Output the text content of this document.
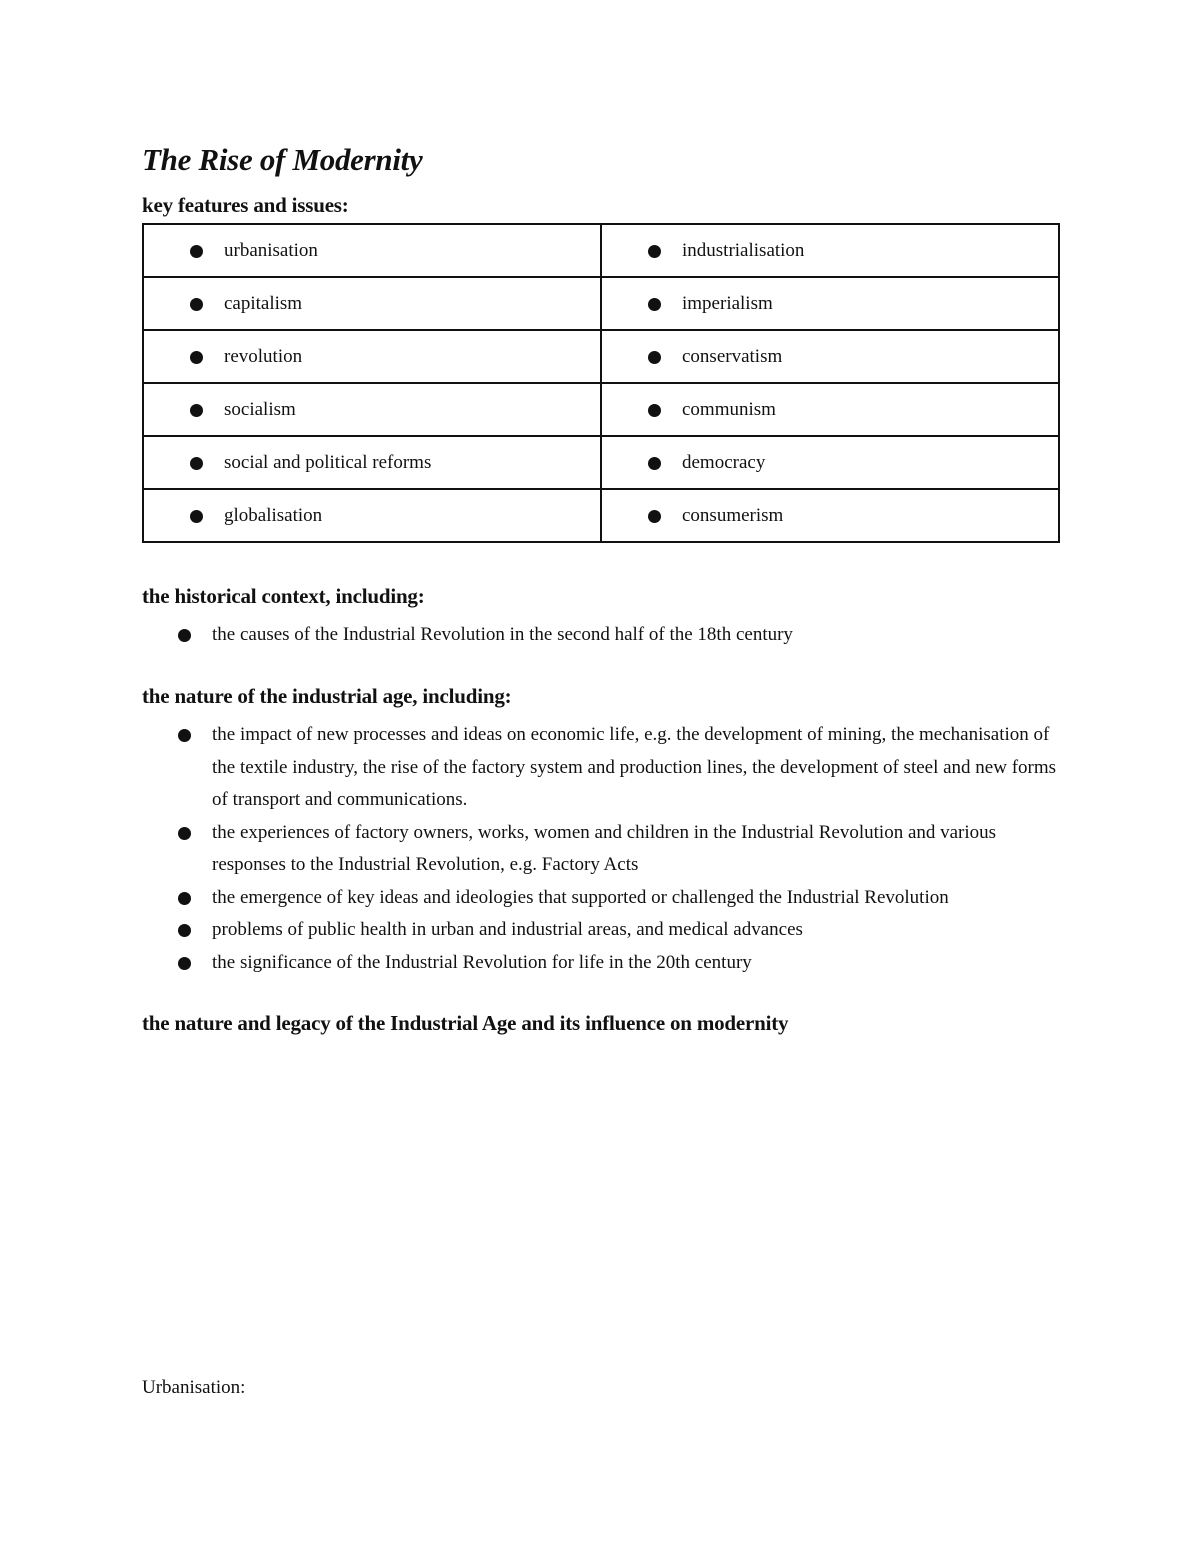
The Rise of Modernity
key features and issues:
urbanisation	industrialisation

capitalism	imperialism

revolution	conservatism

socialism	communism

social and political reforms	democracy

globalisation	consumerism
the historical context, including:
the causes of the Industrial Revolution in the second half of the 18th century
the nature of the industrial age, including:
the impact of new processes and ideas on economic life, e.g. the development of mining, the mechanisation of the textile industry, the rise of the factory system and production lines, the development of steel and new forms of transport and communications.
the experiences of factory owners, works, women and children in the Industrial Revolution and various responses to the Industrial Revolution, e.g. Factory Acts
the emergence of key ideas and ideologies that supported or challenged the Industrial Revolution
problems of public health in urban and industrial areas, and medical advances
the significance of the Industrial Revolution for life in the 20th century
the nature and legacy of the Industrial Age and its influence on modernity

Urbanisation:
